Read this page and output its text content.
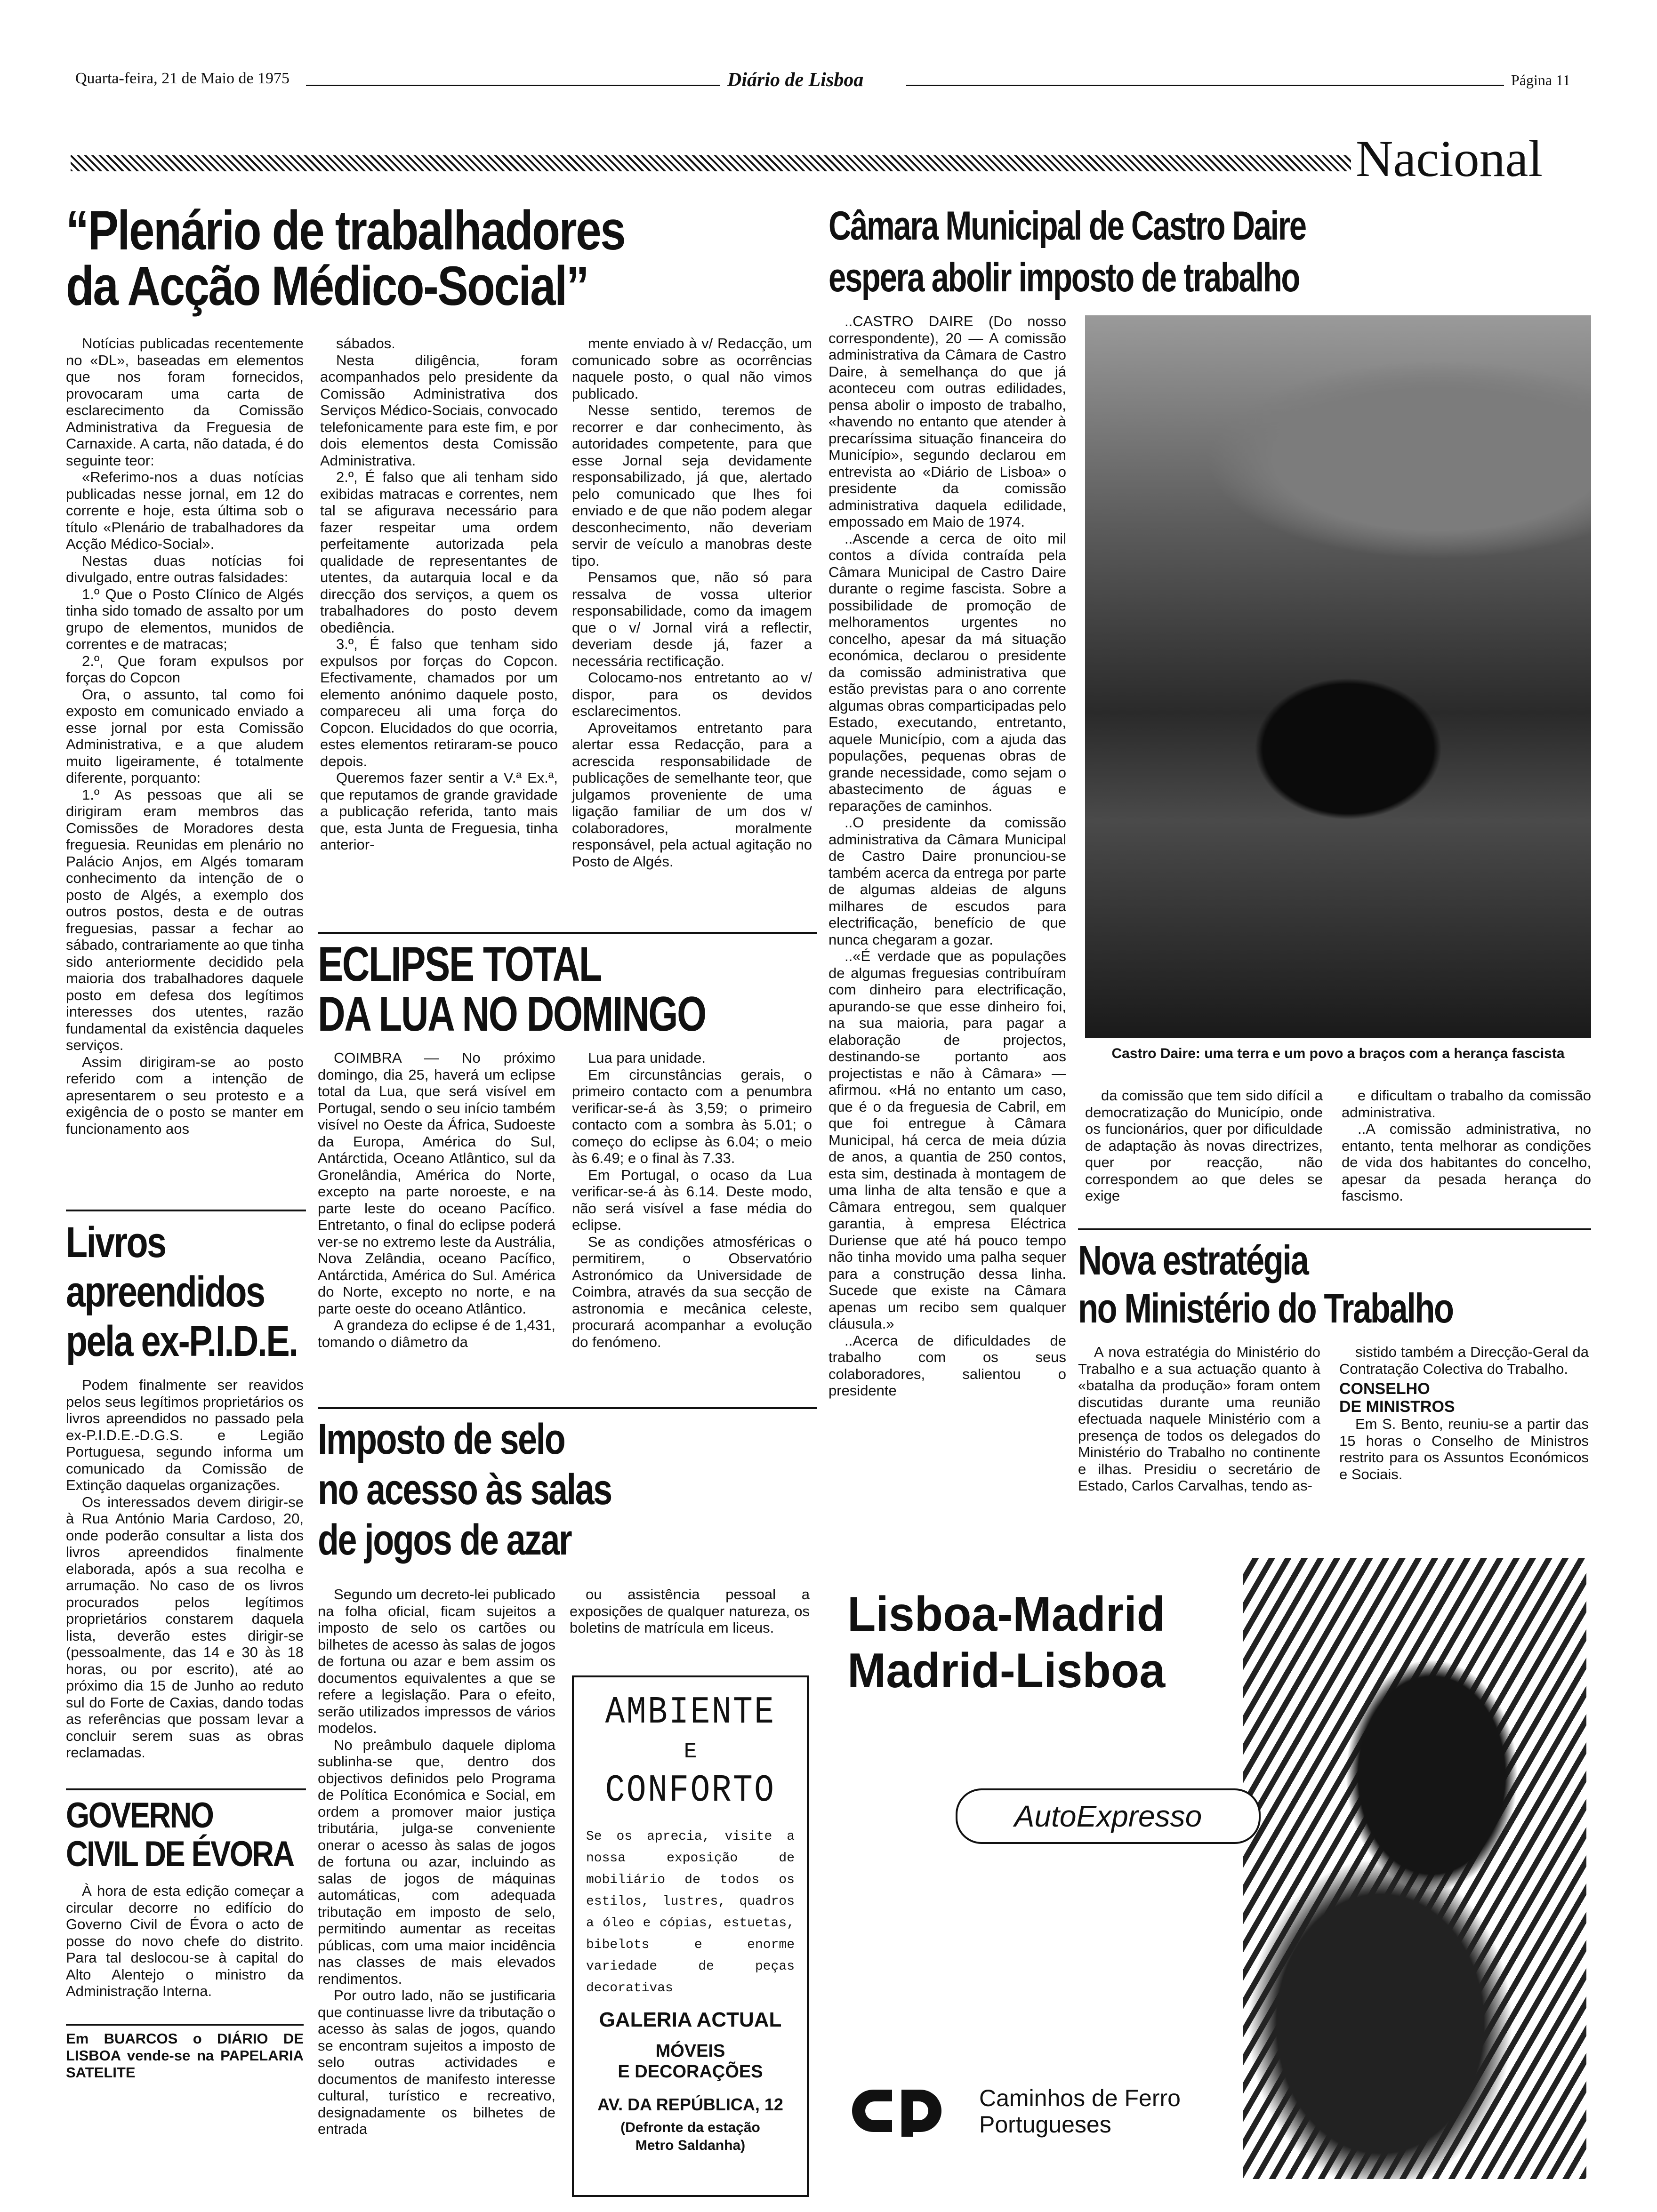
Quarta-feira, 21 de Maio de 1975	Diário de Lisboa	Página 11
Nacional
“Plenário de trabalhadores
da Acção Médico-Social”

Notícias publicadas recentemente no «DL», baseadas em elementos que nos foram fornecidos, provocaram uma carta de esclarecimento da Comissão Administrativa da Freguesia de Carnaxide. A carta, não datada, é do seguinte teor:

«Referimo-nos a duas notícias publicadas nesse jornal, em 12 do corrente e hoje, esta última sob o título «Plenário de trabalhadores da Acção Médico-Social».

Nestas duas notícias foi divulgado, entre outras falsidades:

1.º Que o Posto Clínico de Algés tinha sido tomado de assalto por um grupo de elementos, munidos de correntes e de matracas;

2.º, Que foram expulsos por forças do Copcon

Ora, o assunto, tal como foi exposto em comunicado enviado a esse jornal por esta Comissão Administrativa, e a que aludem muito ligeiramente, é totalmente diferente, porquanto:

1.º As pessoas que ali se dirigiram eram membros das Comissões de Moradores desta freguesia. Reunidas em plenário no Palácio Anjos, em Algés tomaram conhecimento da intenção de o posto de Algés, a exemplo dos outros postos, desta e de outras freguesias, passar a fechar ao sábado, contrariamente ao que tinha sido anteriormente decidido pela maioria dos trabalhadores daquele posto em defesa dos legítimos interesses dos utentes, razão fundamental da existência daqueles serviços.

Assim dirigiram-se ao posto referido com a intenção de apresentarem o seu protesto e a exigência de o posto se manter em funcionamento aos

sábados.

Nesta diligência, foram acompanhados pelo presidente da Comissão Administrativa dos Serviços Médico-Sociais, convocado telefonicamente para este fim, e por dois elementos desta Comissão Administrativa.

2.º, É falso que ali tenham sido exibidas matracas e correntes, nem tal se afigurava necessário para fazer respeitar uma ordem perfeitamente autorizada pela qualidade de representantes de utentes, da autarquia local e da direcção dos serviços, a quem os trabalhadores do posto devem obediência.

3.º, É falso que tenham sido expulsos por forças do Copcon. Efectivamente, chamados por um elemento anónimo daquele posto, compareceu ali uma força do Copcon. Elucidados do que ocorria, estes elementos retiraram-se pouco depois.

Queremos fazer sentir a V.ª Ex.ª, que reputamos de grande gravidade a publicação referida, tanto mais que, esta Junta de Freguesia, tinha anterior-

mente enviado à v/ Redacção, um comunicado sobre as ocorrências naquele posto, o qual não vimos publicado.

Nesse sentido, teremos de recorrer e dar conhecimento, às autoridades competente, para que esse Jornal seja devidamente responsabilizado, já que, alertado pelo comunicado que lhes foi enviado e de que não podem alegar desconhecimento, não deveriam servir de veículo a manobras deste tipo.

Pensamos que, não só para ressalva de vossa ulterior responsabilidade, como da imagem que o v/ Jornal virá a reflectir, deveriam desde já, fazer a necessária rectificação.

Colocamo-nos entretanto ao v/ dispor, para os devidos esclarecimentos.

Aproveitamos entretanto para alertar essa Redacção, para a acrescida responsabilidade de publicações de semelhante teor, que julgamos proveniente de uma ligação familiar de um dos v/ colaboradores, moralmente responsável, pela actual agitação no Posto de Algés.

Livros
apreendidos
pela ex-P.I.D.E.

Podem finalmente ser reavidos pelos seus legítimos proprietários os livros apreendidos no passado pela ex-P.I.D.E.-D.G.S. e Legião Portuguesa, segundo informa um comunicado da Comissão de Extinção daquelas organizações.

Os interessados devem dirigir-se à Rua António Maria Cardoso, 20, onde poderão consultar a lista dos livros apreendidos finalmente elaborada, após a sua recolha e arrumação. No caso de os livros procurados pelos legítimos proprietários constarem daquela lista, deverão estes dirigir-se (pessoalmente, das 14 e 30 às 18 horas, ou por escrito), até ao próximo dia 15 de Junho ao reduto sul do Forte de Caxias, dando todas as referências que possam levar a concluir serem suas as obras reclamadas.

GOVERNO
CIVIL DE ÉVORA

À hora de esta edição começar a circular decorre no edifício do Governo Civil de Évora o acto de posse do novo chefe do distrito. Para tal deslocou-se à capital do Alto Alentejo o ministro da Administração Interna.

Em BUARCOS o DIÁRIO DE LISBOA vende-se na PAPELARIA SATELITE
ECLIPSE TOTAL
DA LUA NO DOMINGO

COIMBRA — No próximo domingo, dia 25, haverá um eclipse total da Lua, que será visível em Portugal, sendo o seu início também visível no Oeste da África, Sudoeste da Europa, América do Sul, Antárctida, Oceano Atlântico, sul da Gronelândia, América do Norte, excepto na parte noroeste, e na parte leste do oceano Pacífico. Entretanto, o final do eclipse poderá ver-se no extremo leste da Austrália, Nova Zelândia, oceano Pacífico, Antárctida, América do Sul. América do Norte, excepto no norte, e na parte oeste do oceano Atlântico.

A grandeza do eclipse é de 1,431, tomando o diâmetro da

Lua para unidade.

Em circunstâncias gerais, o primeiro contacto com a penumbra verificar-se-á às 3,59; o primeiro contacto com a sombra às 5.01; o começo do eclipse às 6.04; o meio às 6.49; e o final às 7.33.

Em Portugal, o ocaso da Lua verificar-se-á às 6.14. Deste modo, não será visível a fase média do eclipse.

Se as condições atmosféricas o permitirem, o Observatório Astronómico da Universidade de Coimbra, através da sua secção de astronomia e mecânica celeste, procurará acompanhar a evolução do fenómeno.

Imposto de selo
no acesso às salas
de jogos de azar

Segundo um decreto-lei publicado na folha oficial, ficam sujeitos a imposto de selo os cartões ou bilhetes de acesso às salas de jogos de fortuna ou azar e bem assim os documentos equivalentes a que se refere a legislação. Para o efeito, serão utilizados impressos de vários modelos.

No preâmbulo daquele diploma sublinha-se que, dentro dos objectivos definidos pelo Programa de Política Económica e Social, em ordem a promover maior justiça tributária, julga-se conveniente onerar o acesso às salas de jogos de fortuna ou azar, incluindo as salas de jogos de máquinas automáticas, com adequada tributação em imposto de selo, permitindo aumentar as receitas públicas, com uma maior incidência nas classes de mais elevados rendimentos.

Por outro lado, não se justificaria que continuasse livre da tributação o acesso às salas de jogos, quando se encontram sujeitos a imposto de selo outras actividades e documentos de manifesto interesse cultural, turístico e recreativo, designadamente os bilhetes de entrada

ou assistência pessoal a exposições de qualquer natureza, os boletins de matrícula em liceus.

AMBIENTE
E
CONFORTO
Se os apreciа, visite a nossa exposição de mobiliário de todos os estilos, lustres, quadros a óleo e cópias, estuetas, bibelots e enorme variedade de peças decorativas
GALERIA ACTUAL
MÓVEIS
E DECORAÇÕES
AV. DA REPÚBLICA, 12
(Defronte da estação
Metro Saldanha)
Câmara Municipal de Castro Daire
espera abolir imposto de trabalho

..CASTRO DAIRE (Do nosso correspondente), 20 — A comissão administrativa da Câmara de Castro Daire, à semelhança do que já aconteceu com outras edilidades, pensa abolir o imposto de trabalho, «havendo no entanto que atender à precaríssima situação financeira do Município», segundo declarou em entrevista ao «Diário de Lisboa» o presidente da comissão administrativa daquela edilidade, empossado em Maio de 1974.

..Ascende a cerca de oito mil contos a dívida contraída pela Câmara Municipal de Castro Daire durante o regime fascista. Sobre a possibilidade de promoção de melhoramentos urgentes no concelho, apesar da má situação económica, declarou o presidente da comissão administrativa que estão previstas para o ano corrente algumas obras comparticipadas pelo Estado, executando, entretanto, aquele Município, com a ajuda das populações, pequenas obras de grande necessidade, como sejam o abastecimento de águas e reparações de caminhos.

..O presidente da comissão administrativa da Câmara Municipal de Castro Daire pronunciou-se também acerca da entrega por parte de algumas aldeias de alguns milhares de escudos para electrificação, benefício de que nunca chegaram a gozar.

..«É verdade que as populações de algumas freguesias contribuíram com dinheiro para electrificação, apurando-se que esse dinheiro foi, na sua maioria, para pagar a elaboração de projectos, destinando-se portanto aos projectistas e não à Câmara» — afirmou. «Há no entanto um caso, que é o da freguesia de Cabril, em que foi entregue à Câmara Municipal, há cerca de meia dúzia de anos, a quantia de 250 contos, esta sim, destinada à montagem de uma linha de alta tensão e que a Câmara entregou, sem qualquer garantia, à empresa Eléctrica Duriense que até há pouco tempo não tinha movido uma palha sequer para a construção dessa linha. Sucede que existe na Câmara apenas um recibo sem qualquer cláusula.»

..Acerca de dificuldades de trabalho com os seus colaboradores, salientou o presidente

Castro Daire: uma terra e um povo a braços com a herança fascista

da comissão que tem sido difícil a democratização do Município, onde os funcionários, quer por dificuldade de adaptação às novas directrizes, quer por reacção, não correspondem ao que deles se exige

e dificultam o trabalho da comissão administrativa.

..A comissão administrativa, no entanto, tenta melhorar as condições de vida dos habitantes do concelho, apesar da pesada herança do fascismo.

Nova estratégia
no Ministério do Trabalho

A nova estratégia do Ministério do Trabalho e a sua actuação quanto à «batalha da produção» foram ontem discutidas durante uma reunião efectuada naquele Ministério com a presença de todos os delegados do Ministério do Trabalho no continente e ilhas. Presidiu o secretário de Estado, Carlos Carvalhas, tendo as-

sistido também a Direcção-Geral da Contratação Colectiva do Trabalho.

CONSELHO
DE MINISTROS

Em S. Bento, reuniu-se a partir das 15 horas o Conselho de Ministros restrito para os Assuntos Económicos e Sociais.

Lisboa-Madrid
Madrid-Lisboa
AutoExpresso
cp	Caminhos de Ferro
Portugueses
